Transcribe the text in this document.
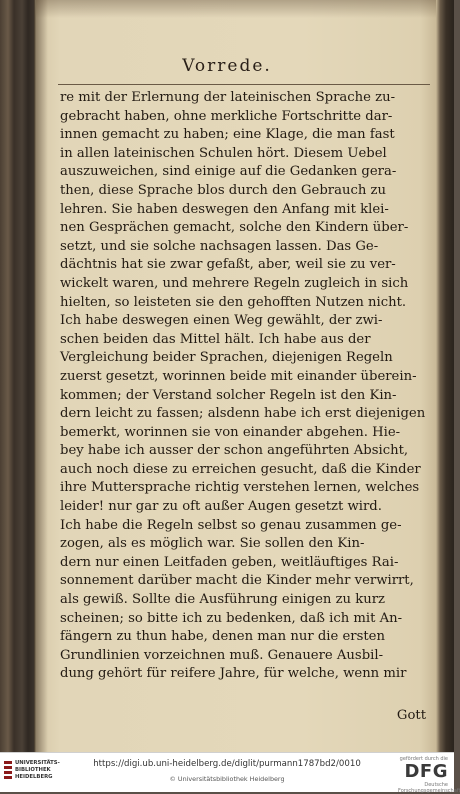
Vorrede.
re mit der Erlernung der lateinischen Sprache zu-
gebracht haben, ohne merkliche Fortschritte dar-
innen gemacht zu haben; eine Klage, die man fast
in allen lateinischen Schulen hört. Diesem Uebel
auszuweichen, sind einige auf die Gedanken gera-
then, diese Sprache blos durch den Gebrauch zu
lehren. Sie haben deswegen den Anfang mit klei-
nen Gesprächen gemacht, solche den Kindern über-
setzt, und sie solche nachsagen lassen. Das Ge-
dächtnis hat sie zwar gefaßt, aber, weil sie zu ver-
wickelt waren, und mehrere Regeln zugleich in sich
hielten, so leisteten sie den gehofften Nutzen nicht.
Ich habe deswegen einen Weg gewählt, der zwi-
schen beiden das Mittel hält. Ich habe aus der
Vergleichung beider Sprachen, diejenigen Regeln
zuerst gesetzt, worinnen beide mit einander überein-
kommen; der Verstand solcher Regeln ist den Kin-
dern leicht zu fassen; alsdenn habe ich erst diejenigen
bemerkt, worinnen sie von einander abgehen. Hie-
bey habe ich ausser der schon angeführten Absicht,
auch noch diese zu erreichen gesucht, daß die Kinder
ihre Muttersprache richtig verstehen lernen, welches
leider! nur gar zu oft außer Augen gesetzt wird.
Ich habe die Regeln selbst so genau zusammen ge-
zogen, als es möglich war. Sie sollen den Kin-
dern nur einen Leitfaden geben, weitläuftiges Rai-
sonnement darüber macht die Kinder mehr verwirrt,
als gewiß. Sollte die Ausführung einigen zu kurz
scheinen; so bitte ich zu bedenken, daß ich mit An-
fängern zu thun habe, denen man nur die ersten
Grundlinien vorzeichnen muß. Genauere Ausbil-
dung gehört für reifere Jahre, für welche, wenn mir
Gott
UNIVERSITÄTS-
BIBLIOTHEK
HEIDELBERG
https://digi.ub.uni-heidelberg.de/diglit/purmann1787bd2/0010
© Universitätsbibliothek Heidelberg
gefördert durch die
DFG
Deutsche Forschungsgemeinschaft
